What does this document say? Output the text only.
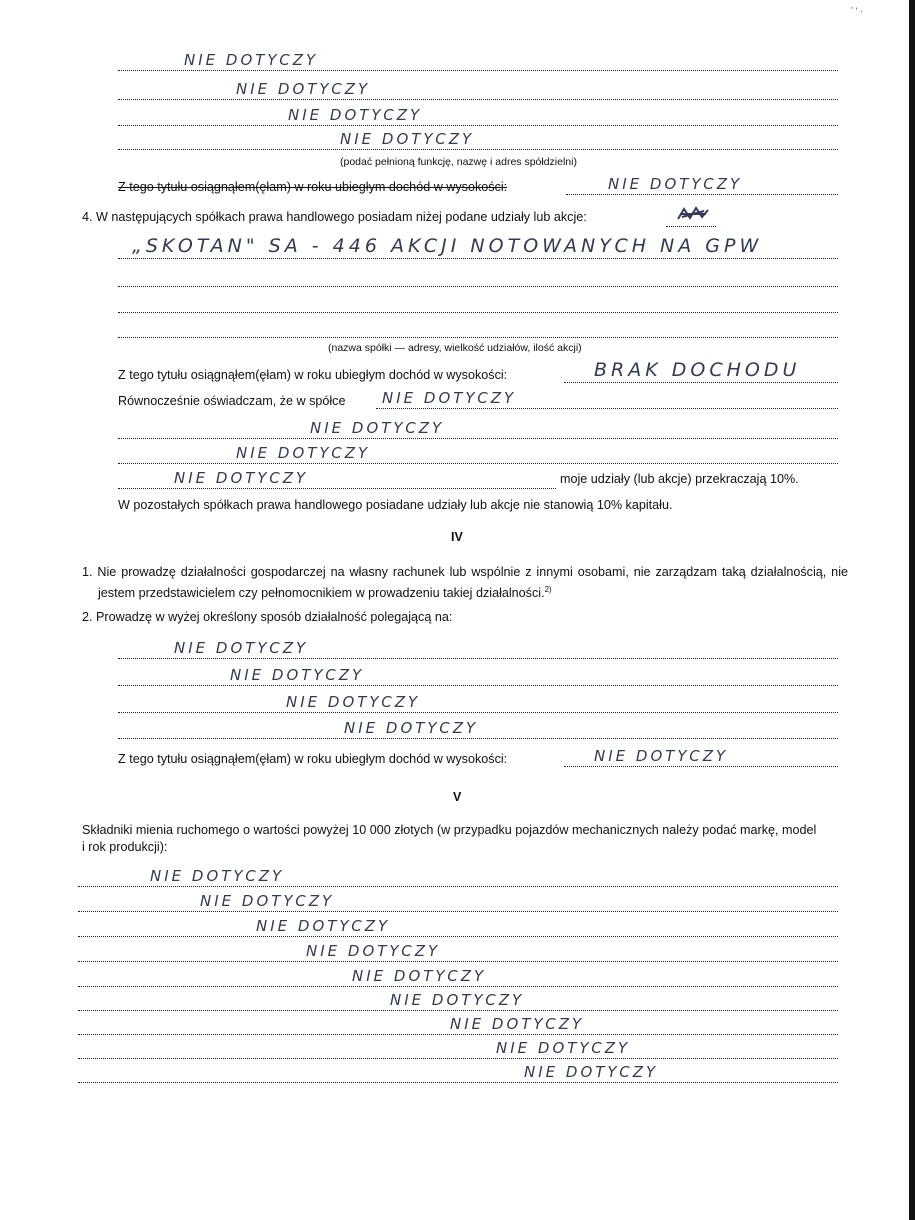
ʼ ʻ ·
NIE DOTYCZY
NIE DOTYCZY
NIE DOTYCZY
NIE DOTYCZY
(podać pełnioną funkcję, nazwę i adres spółdzielni)
Z tego tytułu osiągnąłem(ęłam) w roku ubiegłym dochód w wysokości:	NIE DOTYCZY
4. W następujących spółkach prawa handlowego posiadam niżej podane udziały lub akcje:
„SKOTAN" SA - 446 AKCJI NOTOWANYCH NA GPW
(nazwa spółki — adresy, wielkość udziałów, ilość akcji)
Z tego tytułu osiągnąłem(ęłam) w roku ubiegłym dochód w wysokości:	BRAK DOCHODU
Równocześnie oświadczam, że w spółce NIE DOTYCZY
NIE DOTYCZY
NIE DOTYCZY
NIE DOTYCZY	moje udziały (lub akcje) przekraczają 10%.
W pozostałych spółkach prawa handlowego posiadane udziały lub akcje nie stanowią 10% kapitału.
IV
1. Nie prowadzę działalności gospodarczej na własny rachunek lub wspólnie z innymi osobami, nie zarządzam taką działalnością, nie jestem przedstawicielem czy pełnomocnikiem w prowadzeniu takiej działalności.$^{2)}$
2. Prowadzę w wyżej określony sposób działalność polegającą na:
NIE DOTYCZY
NIE DOTYCZY
NIE DOTYCZY
NIE DOTYCZY
Z tego tytułu osiągnąłem(ęłam) w roku ubiegłym dochód w wysokości:	NIE DOTYCZY
V
Składniki mienia ruchomego o wartości powyżej 10 000 złotych (w przypadku pojazdów mechanicznych należy podać markę, model i rok produkcji):
NIE DOTYCZY
NIE DOTYCZY
NIE DOTYCZY
NIE DOTYCZY
NIE DOTYCZY
NIE DOTYCZY
NIE DOTYCZY
NIE DOTYCZY
NIE DOTYCZY
